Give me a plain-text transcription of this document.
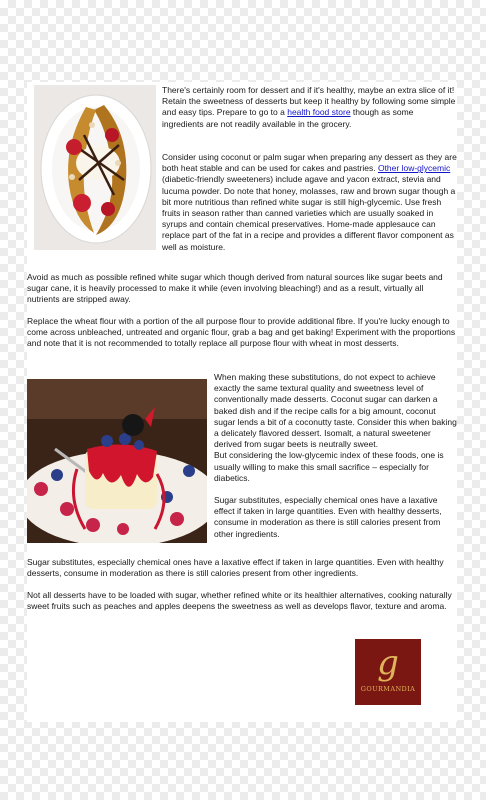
There's certainly room for dessert and if it's healthy, maybe an extra slice of it! Retain the sweetness of desserts but keep it healthy by following some simple and easy tips. Prepare to go to a health food store though as some ingredients are not readily available in the grocery.

Consider using coconut or palm sugar when preparing any dessert as they are both heat stable and can be used for cakes and pastries. Other low-glycemic (diabetic-friendly sweeteners) include agave and yacon extract, stevia and lucuma powder. Do note that honey, molasses, raw and brown sugar though a bit more nutritious than refined white sugar is still high-glycemic. Use fresh fruits in season rather than canned varieties which are usually soaked in syrups and contain chemical preservatives. Home-made applesauce can replace part of the fat in a recipe and provides a different flavor component as well as moisture.

Avoid as much as possible refined white sugar which though derived from natural sources like sugar beets and sugar cane, it is heavily processed to make it while (even involving bleaching!) and as a result, virtually all nutrients are stripped away.

Replace the wheat flour with a portion of the all purpose flour to provide additional fibre. If you're lucky enough to come across unbleached, untreated and organic flour, grab a bag and get baking! Experiment with the proportions and note that it is not recommended to totally replace all purpose flour with wheat in most desserts.

When making these substitutions, do not expect to achieve exactly the same textural quality and sweetness level of conventionally made desserts. Coconut sugar can darken a baked dish and if the recipe calls for a big amount, coconut sugar lends a bit of a coconutty taste. Consider this when baking a delicately flavored dessert. Isomalt, a natural sweetener derived from sugar beets is neutrally sweet.

But considering the low-glycemic index of these foods, one is usually willing to make this small sacrifice – especially for diabetics.

Sugar substitutes, especially chemical ones have a laxative effect if taken in large quantities. Even with healthy desserts, consume in moderation as there is still calories present from other ingredients.

Sugar substitutes, especially chemical ones have a laxative effect if taken in large quantities. Even with healthy desserts, consume in moderation as there is still calories present from other ingredients.

Not all desserts have to be loaded with sugar, whether refined white or its healthier alternatives, cooking naturally sweet fruits such as peaches and apples deepens the sweetness as well as develops flavor, texture and aroma.

g
GOURMANDIA
